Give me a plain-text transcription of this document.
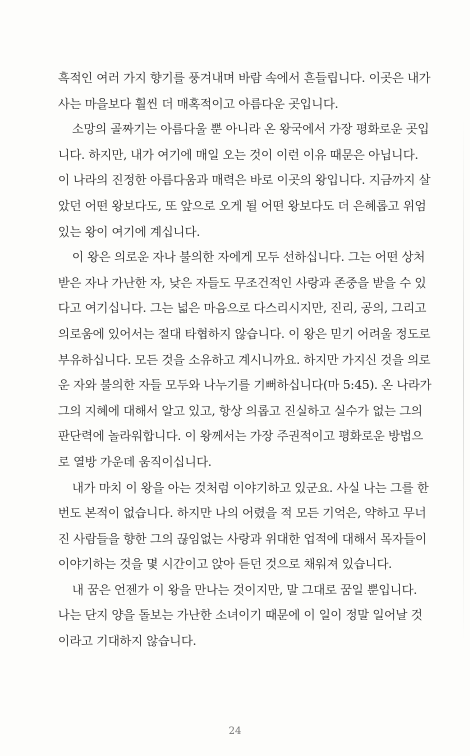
흑적인 여러 가지 향기를 풍겨내며 바람 속에서 흔들립니다. 이곳은 내가
사는 마을보다 훨씬 더 매혹적이고 아름다운 곳입니다.

소망의 골짜기는 아름다울 뿐 아니라 온 왕국에서 가장 평화로운 곳입
니다. 하지만, 내가 여기에 매일 오는 것이 이런 이유 때문은 아닙니다.
이 나라의 진정한 아름다움과 매력은 바로 이곳의 왕입니다. 지금까지 살
았던 어떤 왕보다도, 또 앞으로 오게 될 어떤 왕보다도 더 은혜롭고 위엄
있는 왕이 여기에 계십니다.

이 왕은 의로운 자나 불의한 자에게 모두 선하십니다. 그는 어떤 상처
받은 자나 가난한 자, 낮은 자들도 무조건적인 사랑과 존중을 받을 수 있
다고 여기십니다. 그는 넓은 마음으로 다스리시지만, 진리, 공의, 그리고
의로움에 있어서는 절대 타협하지 않습니다. 이 왕은 믿기 어려울 정도로
부유하십니다. 모든 것을 소유하고 계시니까요. 하지만 가지신 것을 의로
운 자와 불의한 자들 모두와 나누기를 기뻐하십니다(마 5:45). 온 나라가
그의 지혜에 대해서 알고 있고, 항상 의롭고 진실하고 실수가 없는 그의
판단력에 놀라워합니다. 이 왕께서는 가장 주권적이고 평화로운 방법으
로 열방 가운데 움직이십니다.

내가 마치 이 왕을 아는 것처럼 이야기하고 있군요. 사실 나는 그를 한
번도 본적이 없습니다. 하지만 나의 어렸을 적 모든 기억은, 약하고 무너
진 사람들을 향한 그의 끊임없는 사랑과 위대한 업적에 대해서 목자들이
이야기하는 것을 몇 시간이고 앉아 듣던 것으로 채워져 있습니다.

내 꿈은 언젠가 이 왕을 만나는 것이지만, 말 그대로 꿈일 뿐입니다.
나는 단지 양을 돌보는 가난한 소녀이기 때문에 이 일이 정말 일어날 것
이라고 기대하지 않습니다.

24
